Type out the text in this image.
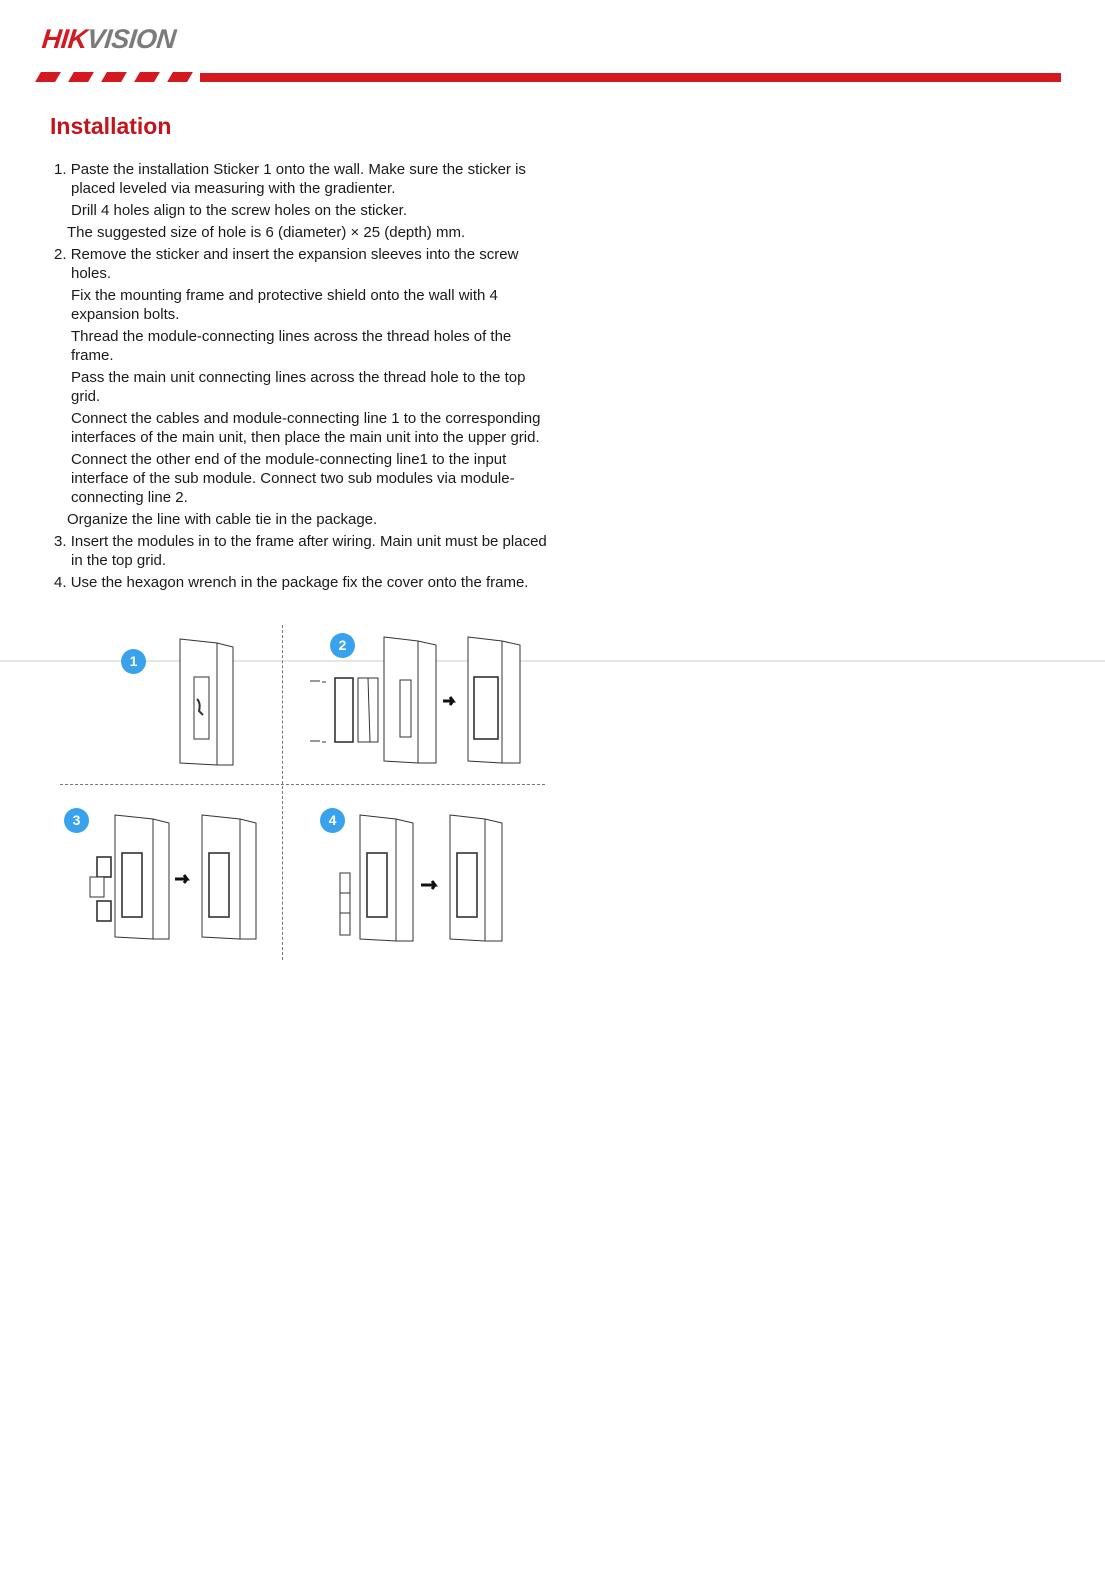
HIKVISION
Installation

1. Paste the installation Sticker 1 onto the wall. Make sure the sticker is placed leveled via measuring with the gradienter.

Drill 4 holes align to the screw holes on the sticker.

The suggested size of hole is 6 (diameter) × 25 (depth) mm.

2. Remove the sticker and insert the expansion sleeves into the screw holes.

Fix the mounting frame and protective shield onto the wall with 4 expansion bolts.

Thread the module-connecting lines across the thread holes of the frame.

Pass the main unit connecting lines across the thread hole to the top grid.

Connect the cables and module-connecting line 1 to the corresponding interfaces of the main unit, then place the main unit into the upper grid.

Connect the other end of the module-connecting line1 to the input interface of the sub module. Connect two sub modules via module-connecting line 2.

Organize the line with cable tie in the package.

3. Insert the modules in to the frame after wiring. Main unit must be placed in the top grid.

4. Use the hexagon wrench in the package fix the cover onto the frame.

1
2
3	4
